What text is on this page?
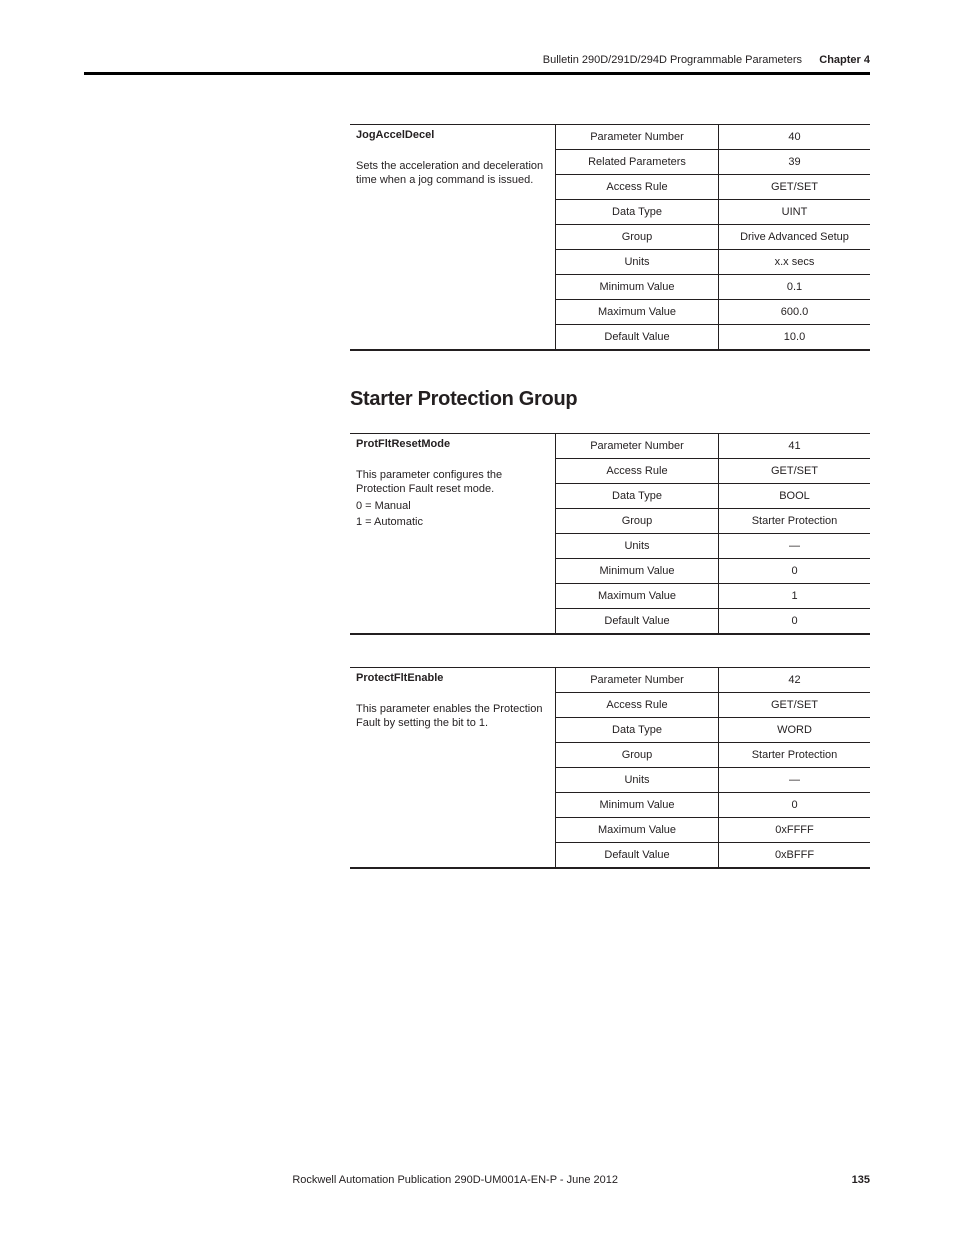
Bulletin 290D/291D/294D Programmable Parameters Chapter 4
JogAccelDecel
Sets the acceleration and deceleration time when a jog command is issued.	Parameter Number	40
	Related Parameters	39
	Access Rule	GET/SET
	Data Type	UINT
	Group	Drive Advanced Setup
	Units	x.x secs
	Minimum Value	0.1
	Maximum Value	600.0
	Default Value	10.0
Starter Protection Group
ProtFltResetMode
This parameter configures the Protection Fault reset mode.
0 = Manual
1 = Automatic	Parameter Number	41
	Access Rule	GET/SET
	Data Type	BOOL
	Group	Starter Protection
	Units	—
	Minimum Value	0
	Maximum Value	1
	Default Value	0
ProtectFltEnable
This parameter enables the Protection Fault by setting the bit to 1.	Parameter Number	42
	Access Rule	GET/SET
	Data Type	WORD
	Group	Starter Protection
	Units	—
	Minimum Value	0
	Maximum Value	0xFFFF
	Default Value	0xBFFF
Rockwell Automation Publication 290D-UM001A-EN-P - June 2012	135
